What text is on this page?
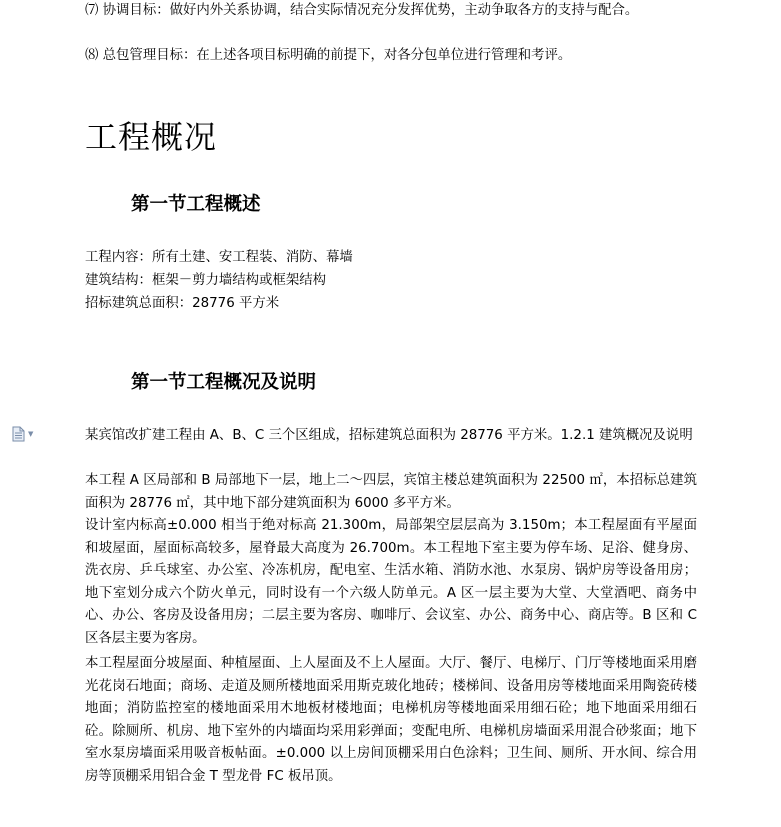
⑺ 协调目标：做好内外关系协调，结合实际情况充分发挥优势，主动争取各方的支持与配合。

⑻ 总包管理目标：在上述各项目标明确的前提下，对各分包单位进行管理和考评。

工程概况
第一节工程概述
工程内容：所有土建、安工程装、消防、幕墙
建筑结构：框架－剪力墙结构或框架结构
招标建筑总面积：28776 平方米
第一节工程概况及说明
▼	某宾馆改扩建工程由 A、B、C 三个区组成，招标建筑总面积为 28776 平方米。1.2.1 建筑概况及说明

本工程 A 区局部和 B 局部地下一层，地上二～四层，宾馆主楼总建筑面积为 22500 ㎡，本招标总建筑面积为 28776 ㎡，其中地下部分建筑面积为 6000 多平方米。

设计室内标高±0.000 相当于绝对标高 21.300m，局部架空层层高为 3.150m；本工程屋面有平屋面和坡屋面，屋面标高较多，屋脊最大高度为 26.700m。本工程地下室主要为停车场、足浴、健身房、洗衣房、乒乓球室、办公室、冷冻机房，配电室、生活水箱、消防水池、水泵房、锅炉房等设备用房；地下室划分成六个防火单元，同时设有一个六级人防单元。A 区一层主要为大堂、大堂酒吧、商务中心、办公、客房及设备用房；二层主要为客房、咖啡厅、会议室、办公、商务中心、商店等。B 区和 C 区各层主要为客房。

本工程屋面分坡屋面、种植屋面、上人屋面及不上人屋面。大厅、餐厅、电梯厅、门厅等楼地面采用磨光花岗石地面；商场、走道及厕所楼地面采用斯克玻化地砖；楼梯间、设备用房等楼地面采用陶瓷砖楼地面；消防监控室的楼地面采用木地板材楼地面；电梯机房等楼地面采用细石砼；地下地面采用细石砼。除厕所、机房、地下室外的内墙面均采用彩弹面；变配电所、电梯机房墙面采用混合砂浆面；地下室水泵房墙面采用吸音板帖面。±0.000 以上房间顶棚采用白色涂料；卫生间、厕所、开水间、综合用房等顶棚采用铝合金 T 型龙骨 FC 板吊顶。
